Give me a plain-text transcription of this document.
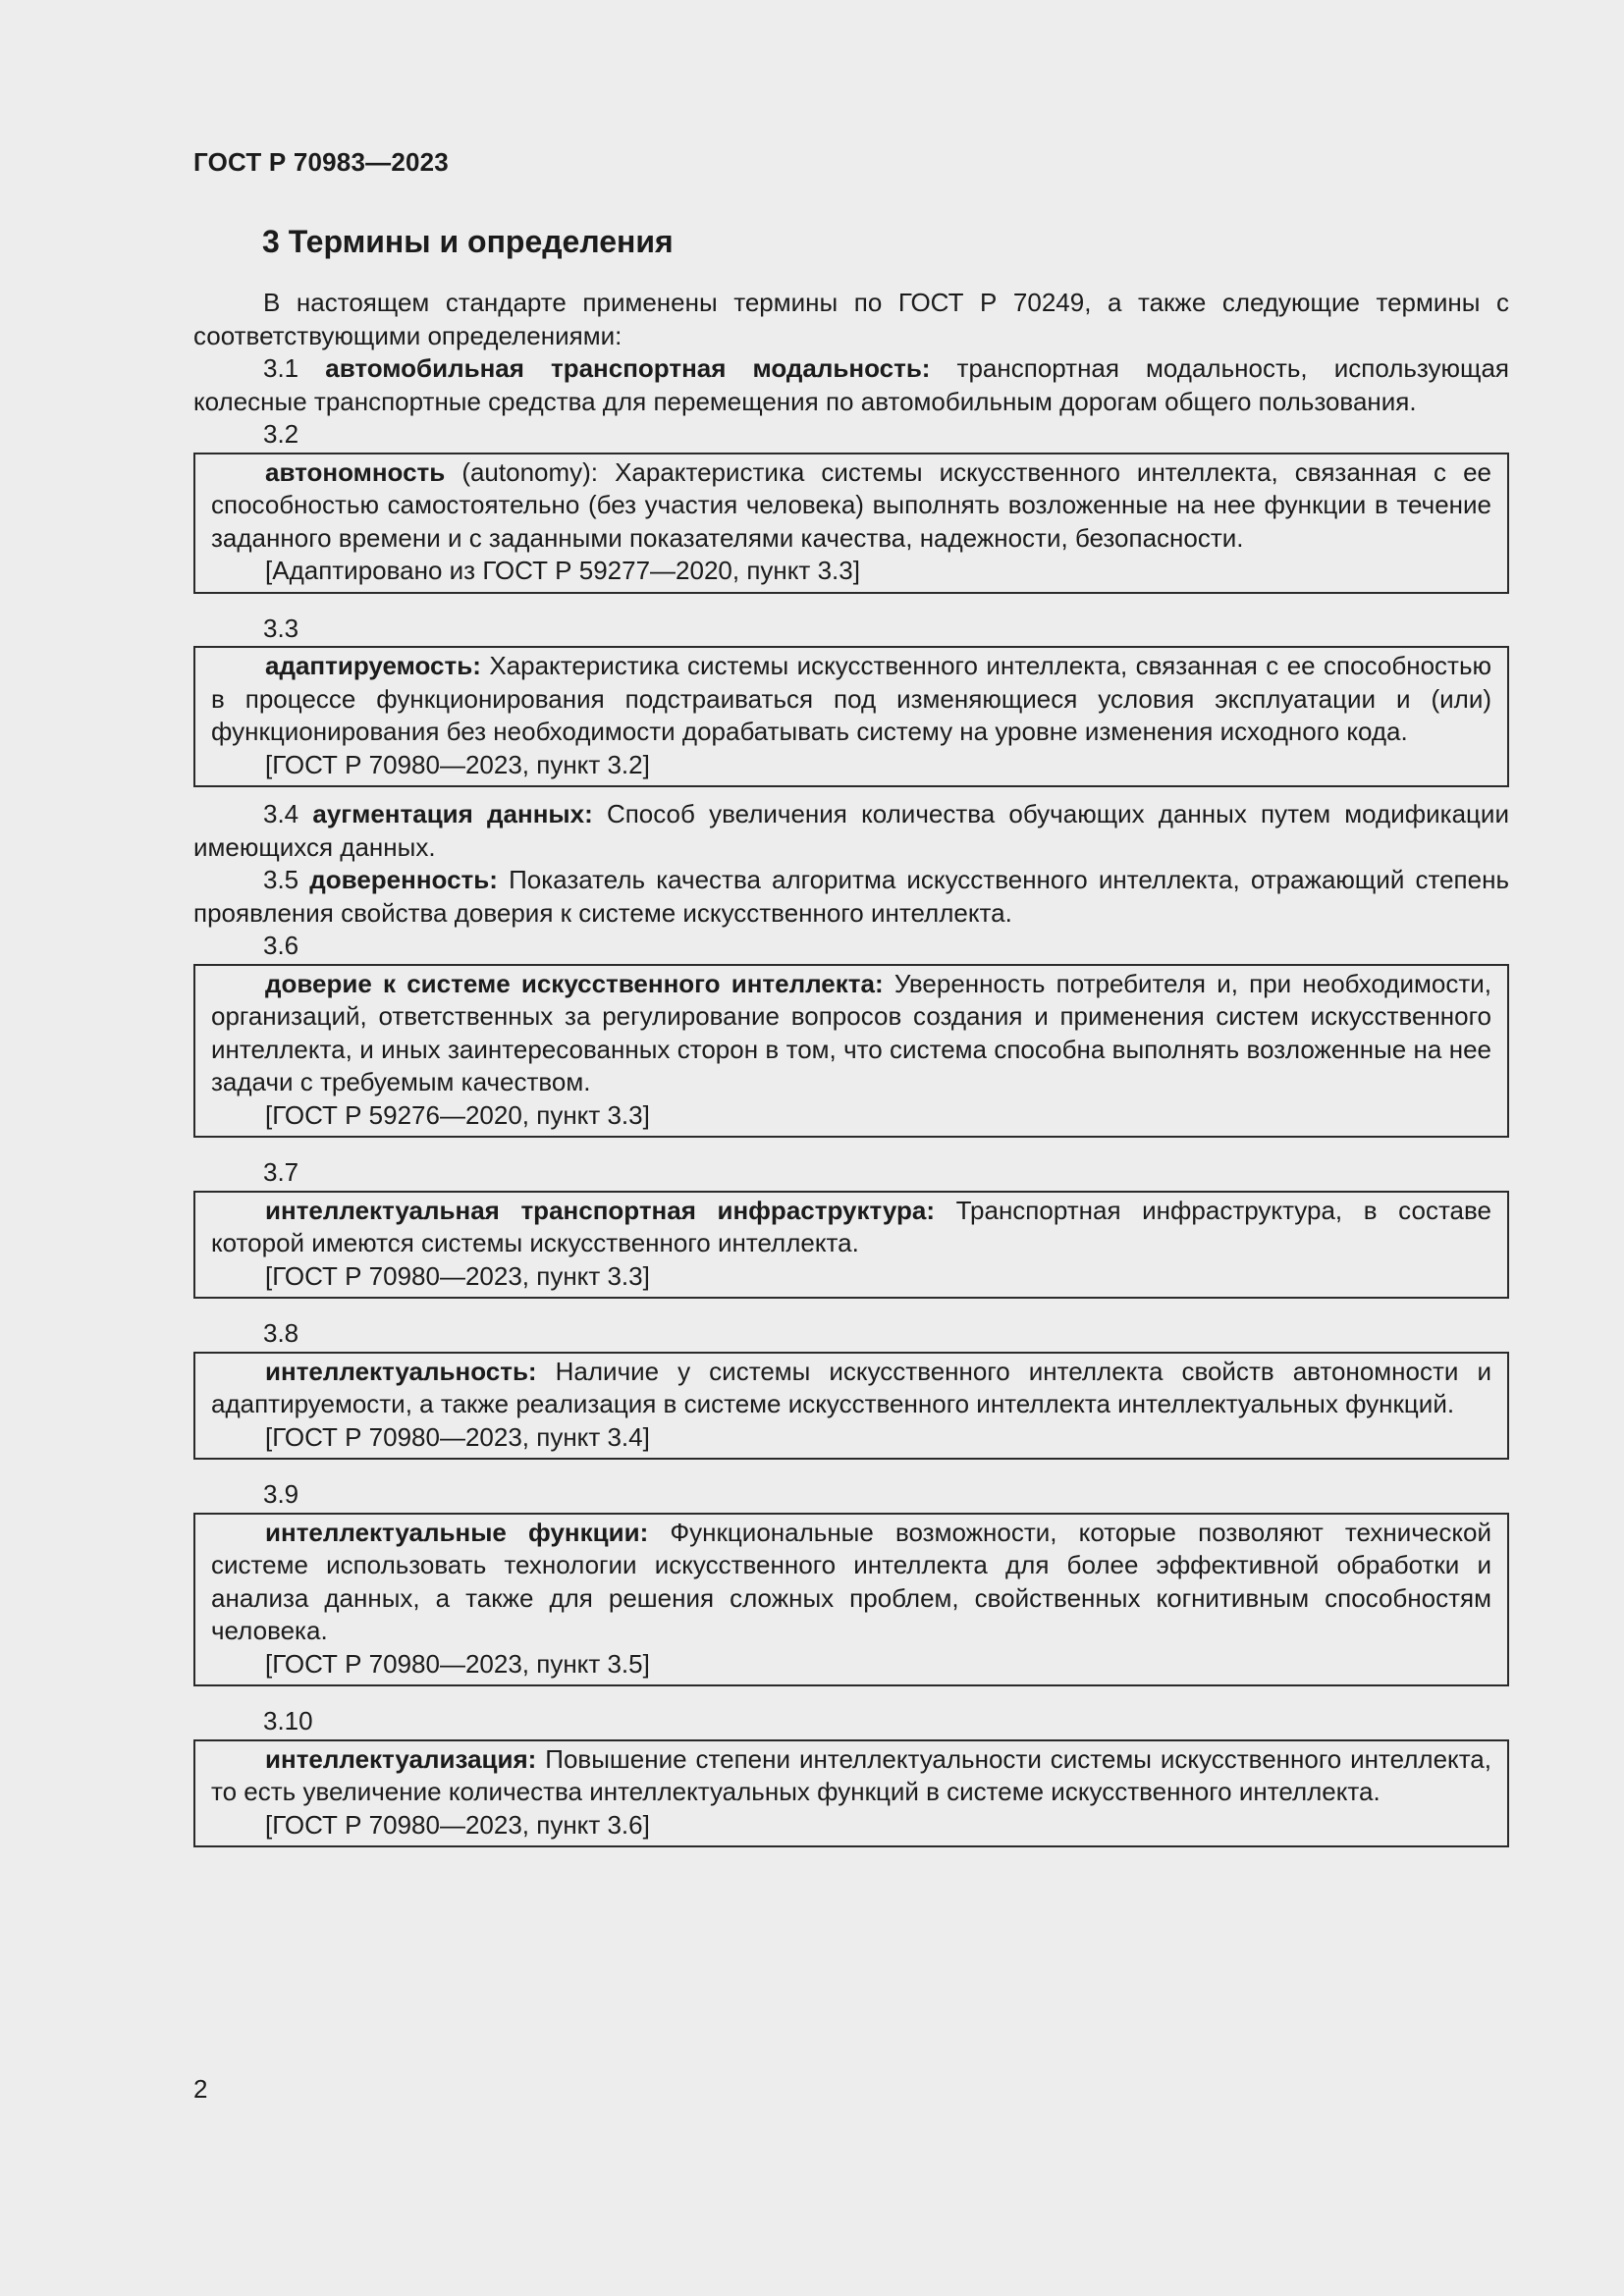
ГОСТ Р 70983—2023
3 Термины и определения

В настоящем стандарте применены термины по ГОСТ Р 70249, а также следующие термины с соответствующими определениями:

3.1 автомобильная транспортная модальность: транспортная модальность, использующая колесные транспортные средства для перемещения по автомобильным дорогам общего пользования.

3.2

автономность (autonomy): Характеристика системы искусственного интеллекта, связанная с ее способностью самостоятельно (без участия человека) выполнять возложенные на нее функции в течение заданного времени и с заданными показателями качества, надежности, безопасности.

[Адаптировано из ГОСТ Р 59277—2020, пункт 3.3]
3.3

адаптируемость: Характеристика системы искусственного интеллекта, связанная с ее способностью в процессе функционирования подстраиваться под изменяющиеся условия эксплуатации и (или) функционирования без необходимости дорабатывать систему на уровне изменения исходного кода.

[ГОСТ Р 70980—2023, пункт 3.2]

3.4 аугментация данных: Способ увеличения количества обучающих данных путем модификации имеющихся данных.

3.5 доверенность: Показатель качества алгоритма искусственного интеллекта, отражающий степень проявления свойства доверия к системе искусственного интеллекта.

3.6

доверие к системе искусственного интеллекта: Уверенность потребителя и, при необходимости, организаций, ответственных за регулирование вопросов создания и применения систем искусственного интеллекта, и иных заинтересованных сторон в том, что система способна выполнять возложенные на нее задачи с требуемым качеством.

[ГОСТ Р 59276—2020, пункт 3.3]
3.7

интеллектуальная транспортная инфраструктура: Транспортная инфраструктура, в составе которой имеются системы искусственного интеллекта.

[ГОСТ Р 70980—2023, пункт 3.3]
3.8

интеллектуальность: Наличие у системы искусственного интеллекта свойств автономности и адаптируемости, а также реализация в системе искусственного интеллекта интеллектуальных функций.

[ГОСТ Р 70980—2023, пункт 3.4]
3.9

интеллектуальные функции: Функциональные возможности, которые позволяют технической системе использовать технологии искусственного интеллекта для более эффективной обработки и анализа данных, а также для решения сложных проблем, свойственных когнитивным способностям человека.

[ГОСТ Р 70980—2023, пункт 3.5]
3.10

интеллектуализация: Повышение степени интеллектуальности системы искусственного интеллекта, то есть увеличение количества интеллектуальных функций в системе искусственного интеллекта.

[ГОСТ Р 70980—2023, пункт 3.6]
2
